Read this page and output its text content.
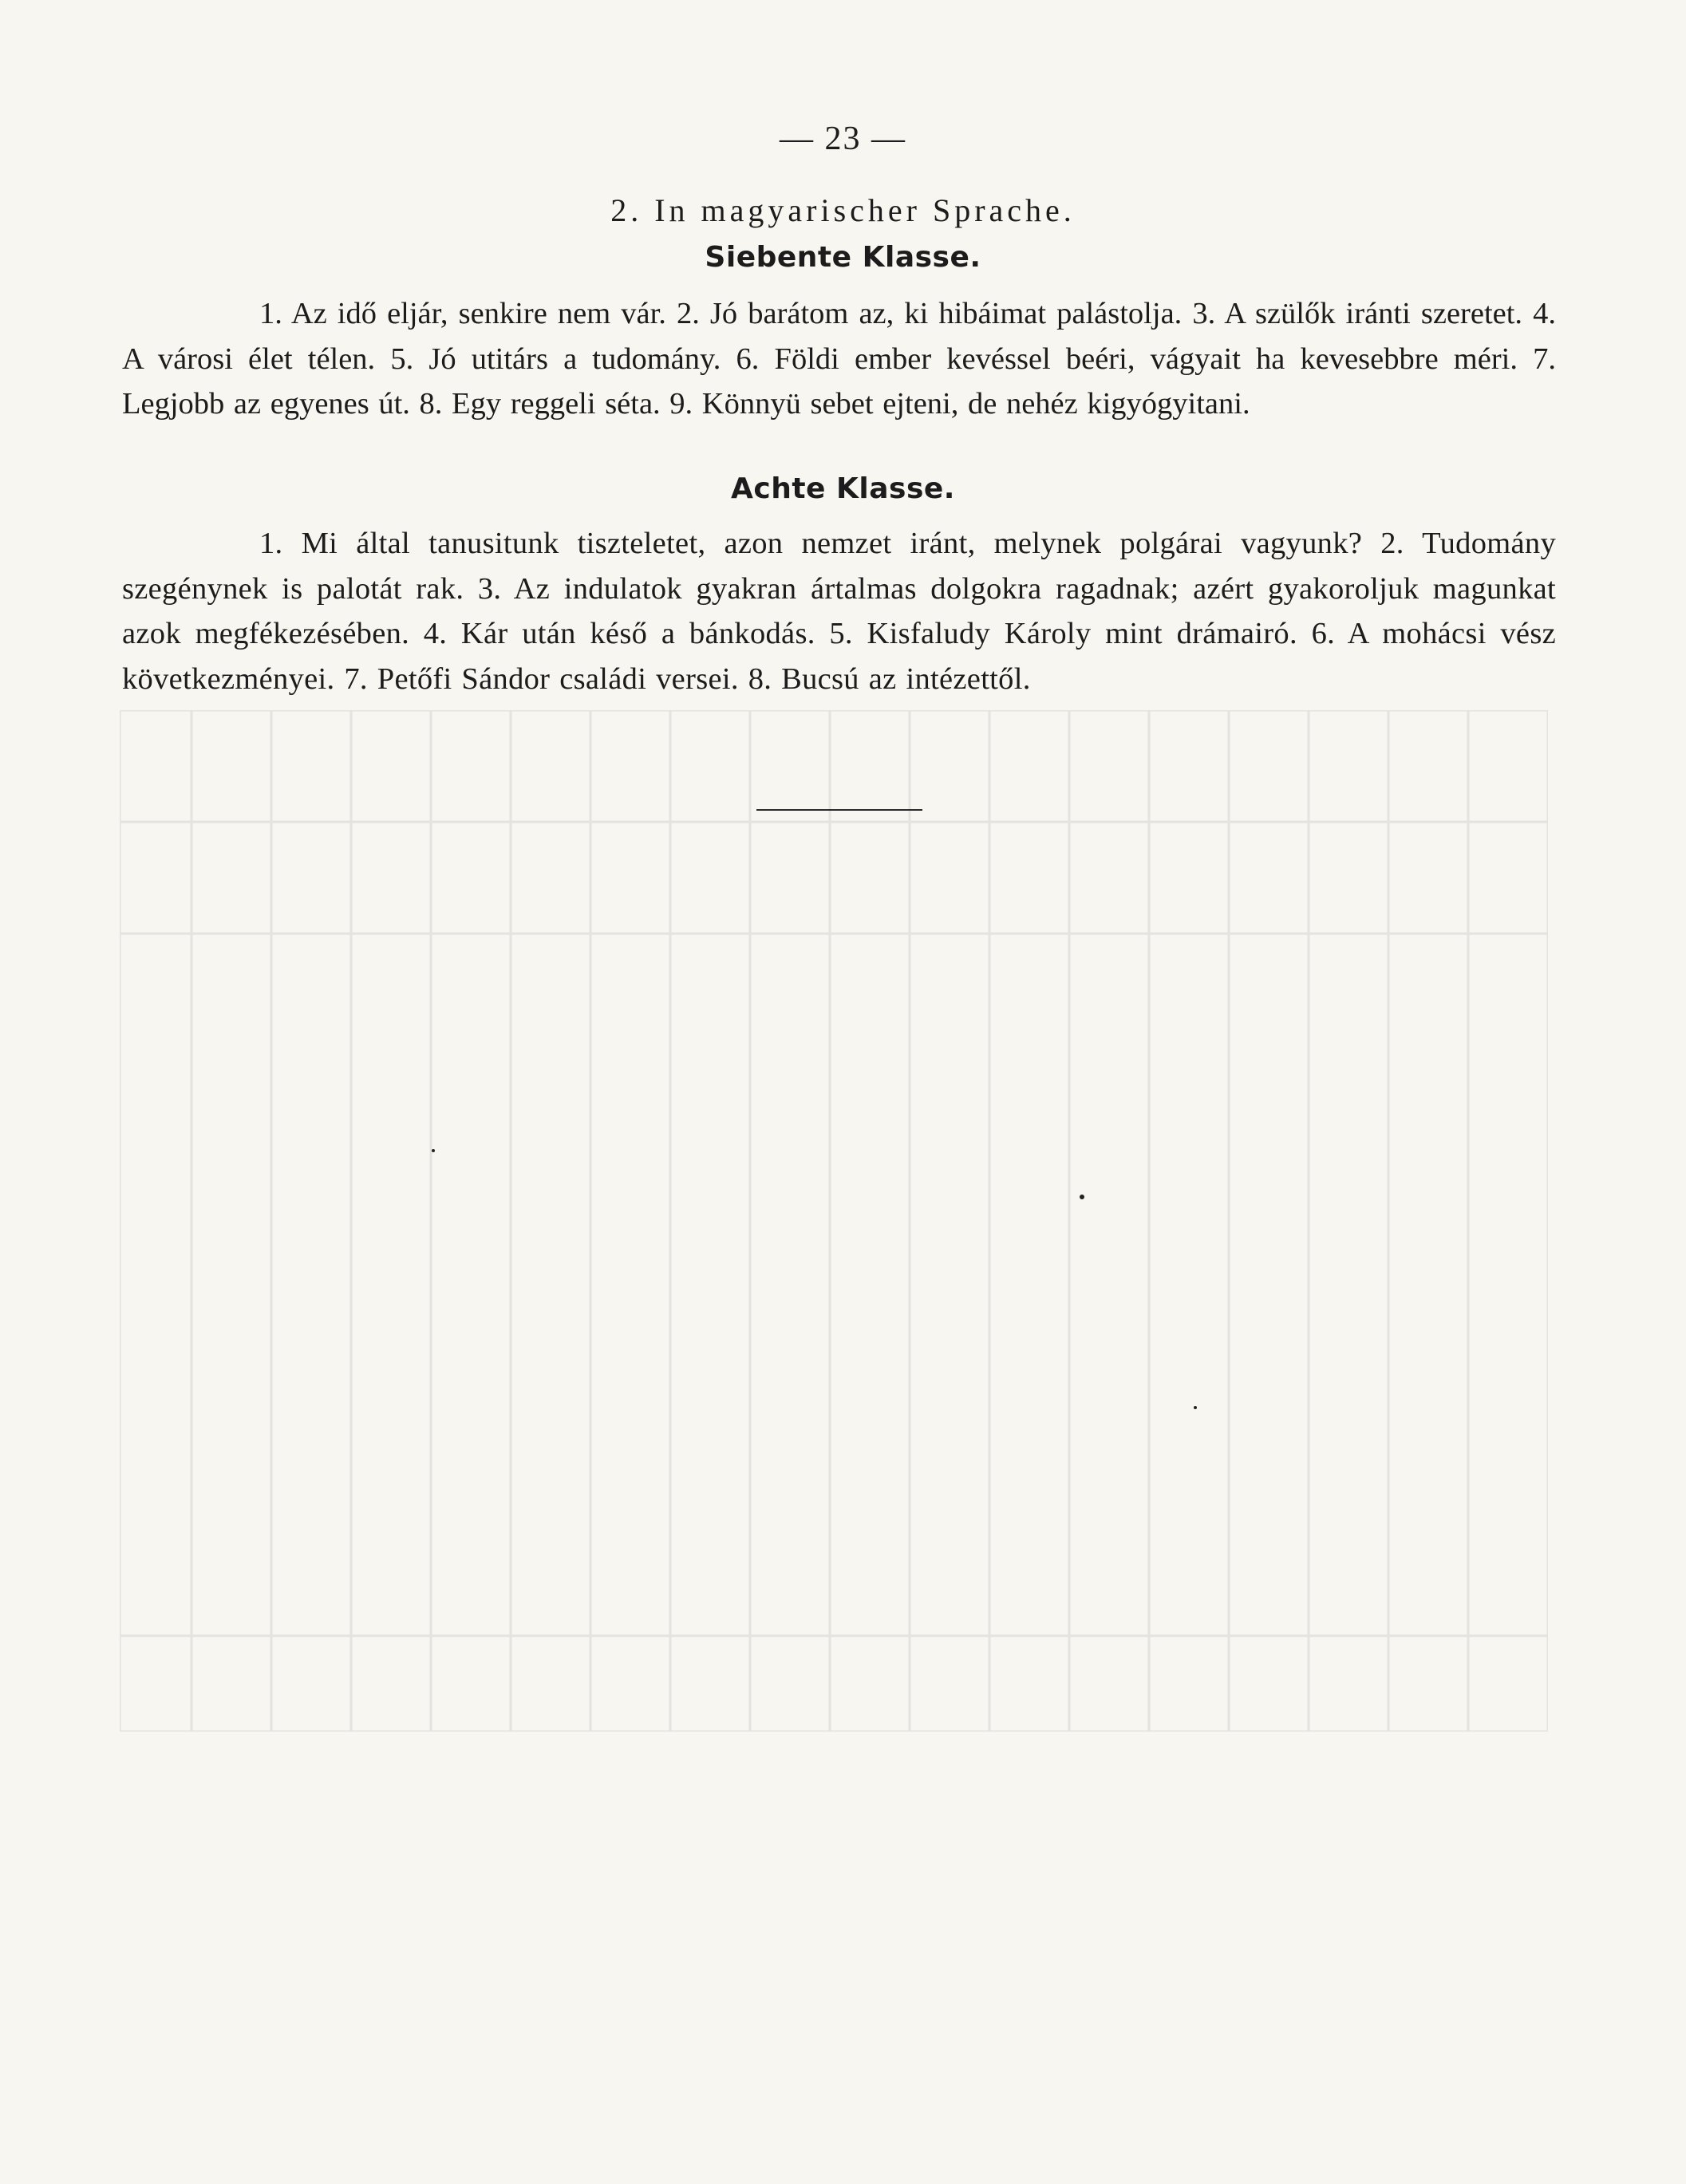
— 23 —
2. In magyarischer Sprache.
Siebente Klasse.
1. Az idő eljár, senkire nem vár. 2. Jó barátom az, ki hibáimat palástolja. 3. A szülők iránti szeretet. 4. A városi élet télen. 5. Jó utitárs a tudomány. 6. Földi ember kevéssel beéri, vágyait ha kevesebbre méri. 7. Legjobb az egyenes út. 8. Egy reggeli séta. 9. Könnyü sebet ejteni, de nehéz kigyógyitani.
Achte Klasse.
1. Mi által tanusitunk tiszteletet, azon nemzet iránt, melynek polgárai vagyunk? 2. Tudomány szegénynek is palotát rak. 3. Az indulatok gyakran ártalmas dolgokra ragadnak; azért gyakoroljuk magunkat azok megfékezésében. 4. Kár után késő a bánkodás. 5. Kisfaludy Károly mint drámairó. 6. A mohácsi vész következményei. 7. Petőfi Sándor családi versei. 8. Bucsú az intézettől.
